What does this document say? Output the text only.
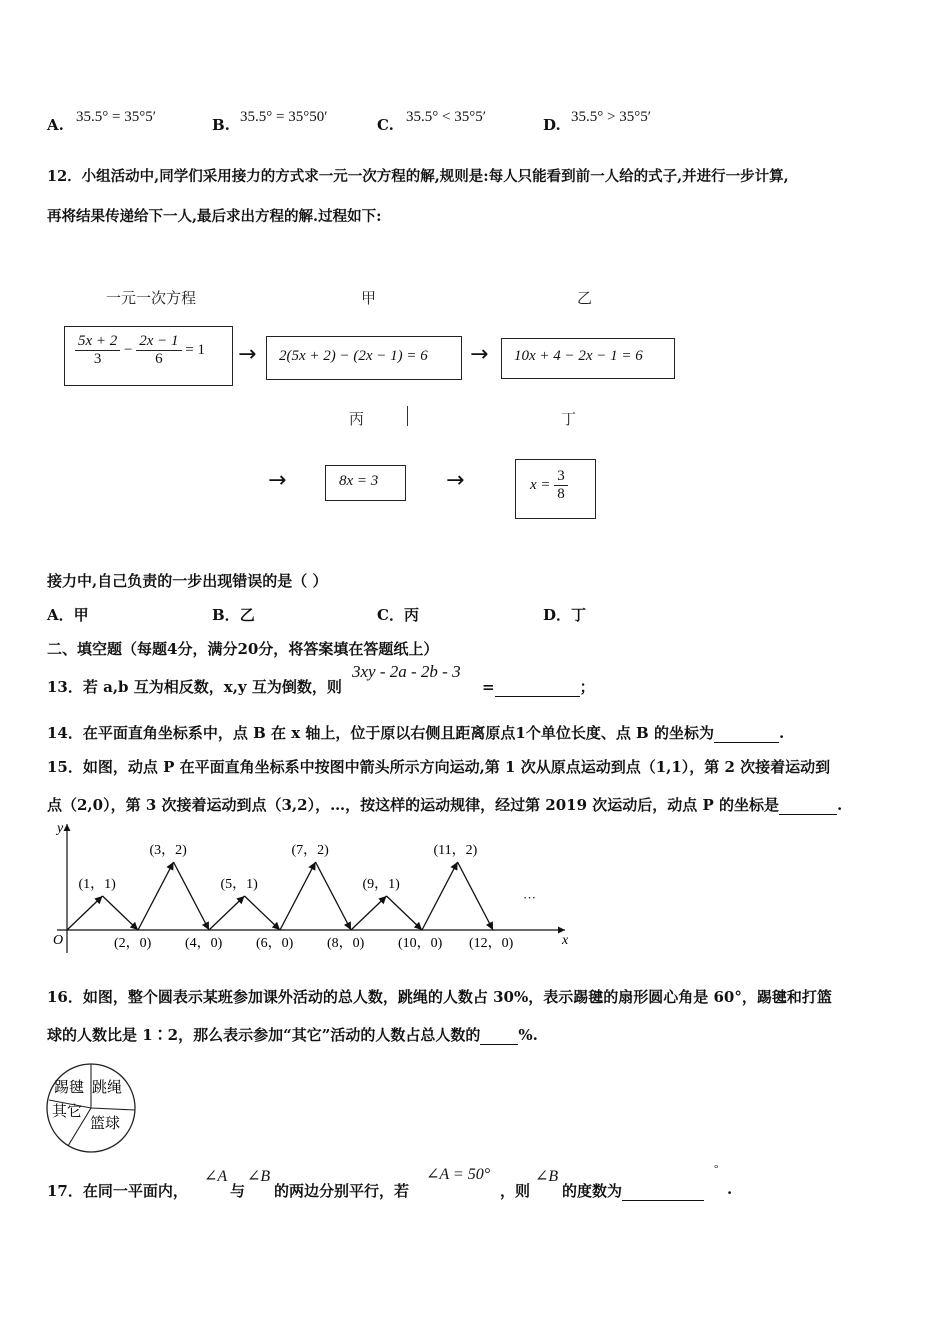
A. 35.5° = 35°5′	B. 35.5° = 35°50′	C. 35.5° < 35°5′	D. 35.5° > 35°5′
12．小组活动中,同学们采用接力的方式求一元一次方程的解,规则是:每人只能看到前一人给的式子,并进行一步计算,
再将结果传递给下一人,最后求出方程的解.过程如下:
一元一次方程	甲	乙
$\frac{5x + 2}{3} - \frac{2x - 1}{6} = 1 \to 2(5x + 2) - (2x - 1) = 6 \to 10x + 4 - 2x - 1 = 6$
丙	丁
→	8x = 3	→	$x = \frac{3}{8}$
接力中,自己负责的一步出现错误的是（ ）
A．甲	B．乙	C．丙	D．丁
二、填空题（每题4分，满分20分，将答案填在答题纸上）
13．若 a,b 互为相反数，x,y 互为倒数，则
3xy - 2a - 2b - 3
=	；
14．在平面直角坐标系中，点 B 在 x 轴上，位于原以右侧且距离原点1个单位长度、点 B 的坐标为	.
15．如图，动点 P 在平面直角坐标系中按图中箭头所示方向运动,第 1 次从原点运动到点（1,1），第 2 次接着运动到
点（2,0），第 3 次接着运动到点（3,2），…，按这样的运动规律，经过第 2019 次运动后，动点 P 的坐标是	.
x
y
O
(1，1)
(3，2)
(5，1)
(7，2)
(9，1)
(11，2)
(2，0) (4，0) (6，0) (8，0) (10，0) (12，0)
···
16．如图，整个圆表示某班参加课外活动的总人数，跳绳的人数占 30%，表示踢毽的扇形圆心角是 60°，踢毽和打篮
球的人数比是 1∶2，那么表示参加“其它”活动的人数占总人数的	%.
踢毽 跳绳
其它
篮球
17．在同一平面内，
∠A
与
∠B
的两边分别平行，若
∠A = 50°
，则
∠B
的度数为
°
.
